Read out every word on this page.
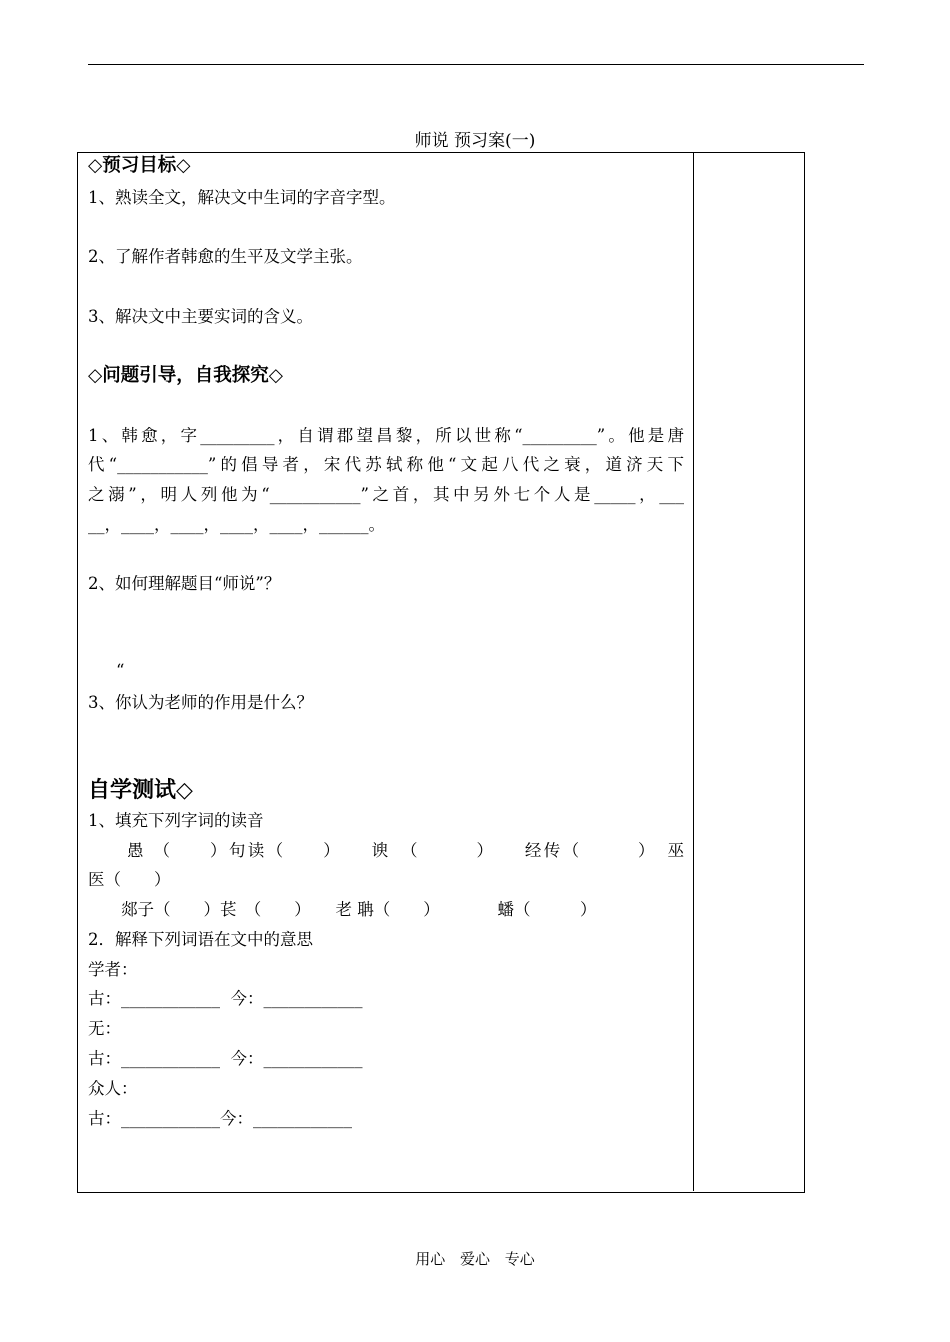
师说 预习案(一)
◇预习目标◇
1、熟读全文，解决文中生词的字音字型。
2、了解作者韩愈的生平及文学主张。
3、解决文中主要实词的含义。
◇问题引导，自我探究◇
1、韩愈，字_________，自谓郡望昌黎，所以世称“_________”。他是唐
代“___________”的倡导者，宋代苏轼称他“文起八代之衰，道济天下
之溺”，明人列他为“___________”之首，其中另外七个人是_____，___
__，____，____，____，____，______。
2、如何理解题目“师说”？
“
3、你认为老师的作用是什么？
自学测试◇
1、填充下列字词的读音
愚 （　　）句读（　　）　　谀　（　　　）　　经传（　　　）　巫
医（　　）
　　郯子（　　）苌　（　　）　　老 聃（　　）　　　　蟠（　　　）
2．解释下列词语在文中的意思
学者：
古：____________  今：____________
无：
古：____________  今：____________
众人：
古：____________今：____________
用心 爱心 专心
